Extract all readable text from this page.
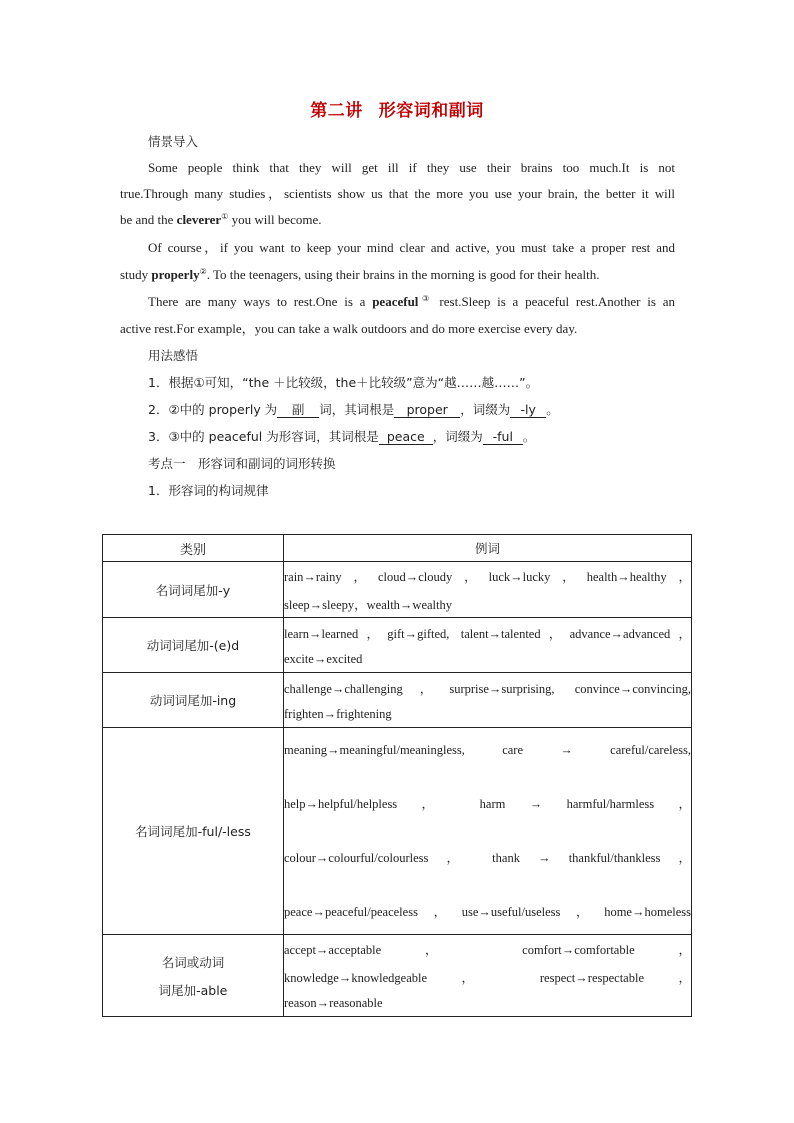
第二讲 形容词和副词
情景导入
Some people think that they will get ill if they use their brains too much.It is not
true.Through many studies，scientists show us that the more you use your brain, the better it will
be and the cleverer① you will become.
Of course，if you want to keep your mind clear and active, you must take a proper rest and
study properly②. To the teenagers, using their brains in the morning is good for their health.
There are many ways to rest.One is a peaceful③ rest.Sleep is a peaceful rest.Another is an
active rest.For example，you can take a walk outdoors and do more exercise every day.
用法感悟
1．根据①可知，“the ＋比较级，the＋比较级”意为“越……越……”。
2．②中的 properly 为 副 词，其词根是 proper ，词缀为 -ly 。
3．③中的 peaceful 为形容词，其词根是 peace ，词缀为 -ful 。
考点一　形容词和副词的词形转换
1．形容词的构词规律
类别	例词
名词词尾加-y	rain→rainy，cloud→cloudy，luck→lucky，health→healthy，
sleep→sleepy，wealth→wealthy

动词词尾加-(e)d	learn→learned，gift→gifted, talent→talented，advance→advanced，
excite→excited

动词词尾加-ing	challenge→challenging，surprise→surprising, convince→convincing,
frighten→frightening

名词词尾加-ful/-less	meaning→meaningful/meaningless, care → careful/careless,
help→helpful/helpless ， harm → harmful/harmless ，
colour→colourful/colourless ， thank → thankful/thankless ，
peace→peaceful/peaceless，use→useful/useless，home→homeless

名词或动词
词尾加-able	accept→acceptable ， comfort→comfortable ，
knowledge→knowledgeable ， respect→respectable ，
reason→reasonable
